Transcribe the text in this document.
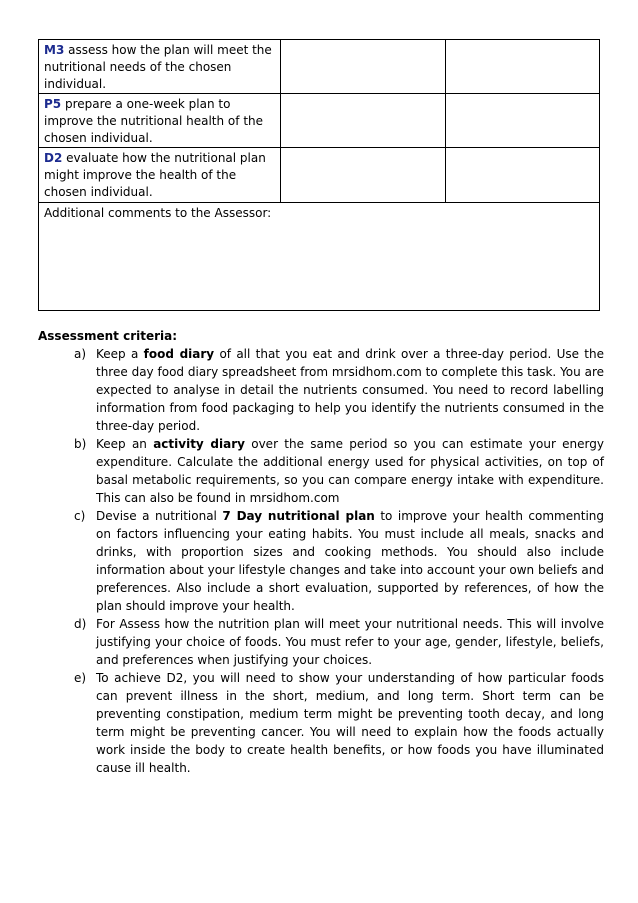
M3 assess how the plan will meet the nutritional needs of the chosen individual.
P5 prepare a one-week plan to improve the nutritional health of the chosen individual.
D2 evaluate how the nutritional plan might improve the health of the chosen individual.
Additional comments to the Assessor:

Assessment criteria:

a) Keep a food diary of all that you eat and drink over a three-day period. Use the three day food diary spreadsheet from mrsidhom.com to complete this task. You are expected to analyse in detail the nutrients consumed. You need to record labelling information from food packaging to help you identify the nutrients consumed in the three-day period.
b) Keep an activity diary over the same period so you can estimate your energy expenditure. Calculate the additional energy used for physical activities, on top of basal metabolic requirements, so you can compare energy intake with expenditure. This can also be found in mrsidhom.com
c) Devise a nutritional 7 Day nutritional plan to improve your health commenting on factors influencing your eating habits. You must include all meals, snacks and drinks, with proportion sizes and cooking methods. You should also include information about your lifestyle changes and take into account your own beliefs and preferences. Also include a short evaluation, supported by references, of how the plan should improve your health.
d) For Assess how the nutrition plan will meet your nutritional needs. This will involve justifying your choice of foods. You must refer to your age, gender, lifestyle, beliefs, and preferences when justifying your choices.
e) To achieve D2, you will need to show your understanding of how particular foods can prevent illness in the short, medium, and long term. Short term can be preventing constipation, medium term might be preventing tooth decay, and long term might be preventing cancer. You will need to explain how the foods actually work inside the body to create health benefits, or how foods you have illuminated cause ill health.
